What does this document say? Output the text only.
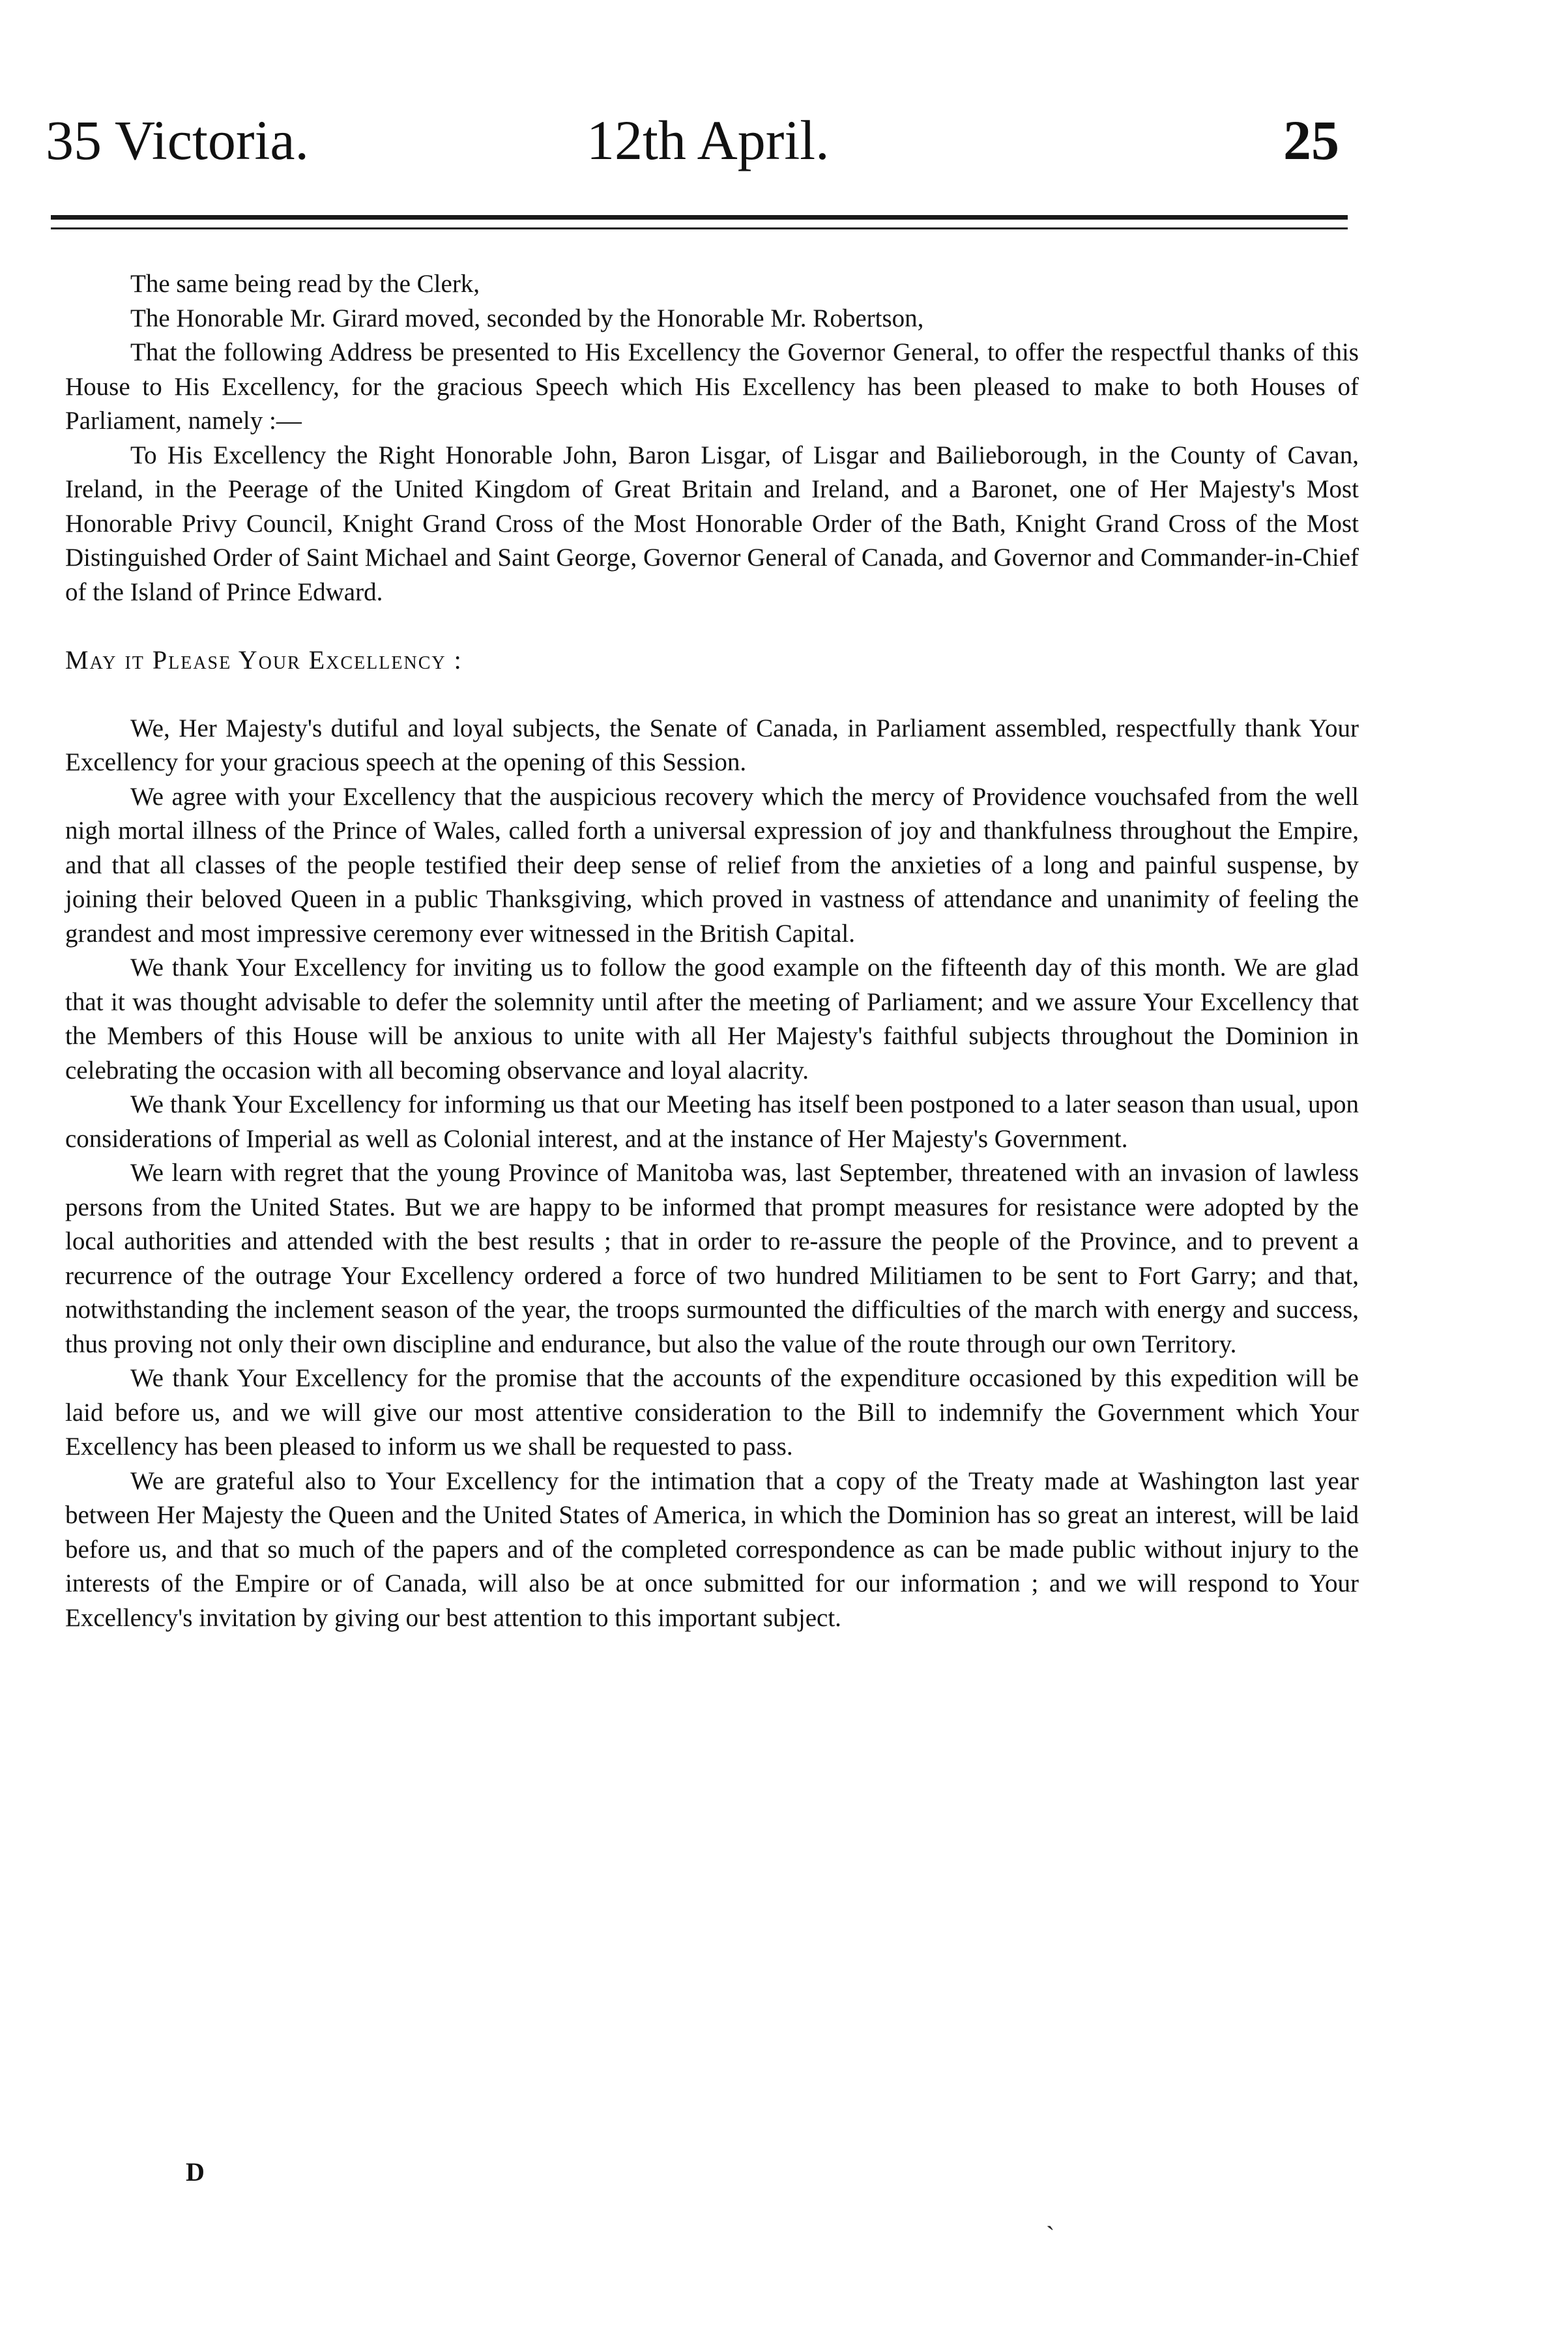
35 Victoria.	12th April.	25

The same being read by the Clerk,

The Honorable Mr. Girard moved, seconded by the Honorable Mr. Robertson,

That the following Address be presented to His Excellency the Governor General, to offer the respectful thanks of this House to His Excellency, for the gracious Speech which His Excellency has been pleased to make to both Houses of Parliament, namely :—

To His Excellency the Right Honorable John, Baron Lisgar, of Lisgar and Bailieborough, in the County of Cavan, Ireland, in the Peerage of the United Kingdom of Great Britain and Ireland, and a Baronet, one of Her Majesty's Most Honorable Privy Council, Knight Grand Cross of the Most Honorable Order of the Bath, Knight Grand Cross of the Most Distinguished Order of Saint Michael and Saint George, Governor General of Canada, and Governor and Commander-in-Chief of the Island of Prince Edward.

May it Please Your Excellency :

We, Her Majesty's dutiful and loyal subjects, the Senate of Canada, in Parliament assembled, respectfully thank Your Excellency for your gracious speech at the opening of this Session.

We agree with your Excellency that the auspicious recovery which the mercy of Providence vouchsafed from the well nigh mortal illness of the Prince of Wales, called forth a universal expression of joy and thankfulness throughout the Empire, and that all classes of the people testified their deep sense of relief from the anxieties of a long and painful suspense, by joining their beloved Queen in a public Thanksgiving, which proved in vastness of attendance and unanimity of feeling the grandest and most impressive ceremony ever witnessed in the British Capital.

We thank Your Excellency for inviting us to follow the good example on the fifteenth day of this month. We are glad that it was thought advisable to defer the solemnity until after the meeting of Parliament; and we assure Your Excellency that the Members of this House will be anxious to unite with all Her Majesty's faithful subjects throughout the Dominion in celebrating the occasion with all becoming observance and loyal alacrity.

We thank Your Excellency for informing us that our Meeting has itself been postponed to a later season than usual, upon considerations of Imperial as well as Colonial interest, and at the instance of Her Majesty's Government.

We learn with regret that the young Province of Manitoba was, last September, threatened with an invasion of lawless persons from the United States. But we are happy to be informed that prompt measures for resistance were adopted by the local authorities and attended with the best results ; that in order to re-assure the people of the Province, and to prevent a recurrence of the outrage Your Excellency ordered a force of two hundred Militiamen to be sent to Fort Garry; and that, notwithstanding the inclement season of the year, the troops surmounted the difficulties of the march with energy and success, thus proving not only their own discipline and endurance, but also the value of the route through our own Territory.

We thank Your Excellency for the promise that the accounts of the expenditure occasioned by this expedition will be laid before us, and we will give our most attentive consideration to the Bill to indemnify the Government which Your Excellency has been pleased to inform us we shall be requested to pass.

We are grateful also to Your Excellency for the intimation that a copy of the Treaty made at Washington last year between Her Majesty the Queen and the United States of America, in which the Dominion has so great an interest, will be laid before us, and that so much of the papers and of the completed correspondence as can be made public without injury to the interests of the Empire or of Canada, will also be at once submitted for our information ; and we will respond to Your Excellency's invitation by giving our best attention to this important subject.

D
ˎ
